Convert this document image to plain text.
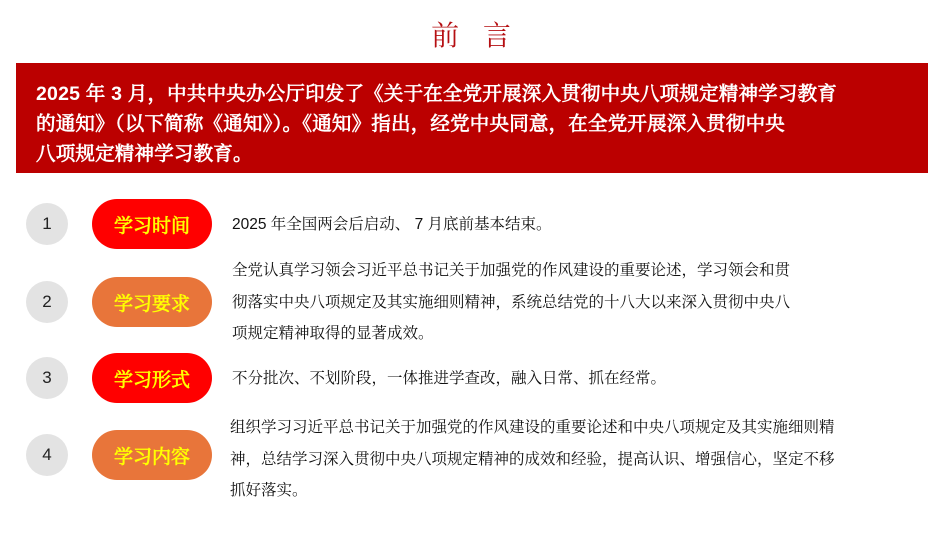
前 言
2025 年 3 月，中共中央办公厅印发了《关于在全党开展深入贯彻中央八项规定精神学习教育
的通知》（以下简称《通知》）。《通知》指出，经党中央同意，在全党开展深入贯彻中央
八项规定精神学习教育。
1	学习时间	2025 年全国两会后启动、 7 月底前基本结束。
2	学习要求
全党认真学习领会习近平总书记关于加强党的作风建设的重要论述，学习领会和贯
彻落实中央八项规定及其实施细则精神，系统总结党的十八大以来深入贯彻中央八
项规定精神取得的显著成效。
3	学习形式	不分批次、不划阶段，一体推进学查改，融入日常、抓在经常。
4	学习内容
组织学习习近平总书记关于加强党的作风建设的重要论述和中央八项规定及其实施细则精
神，总结学习深入贯彻中央八项规定精神的成效和经验，提高认识、增强信心，坚定不移
抓好落实。
